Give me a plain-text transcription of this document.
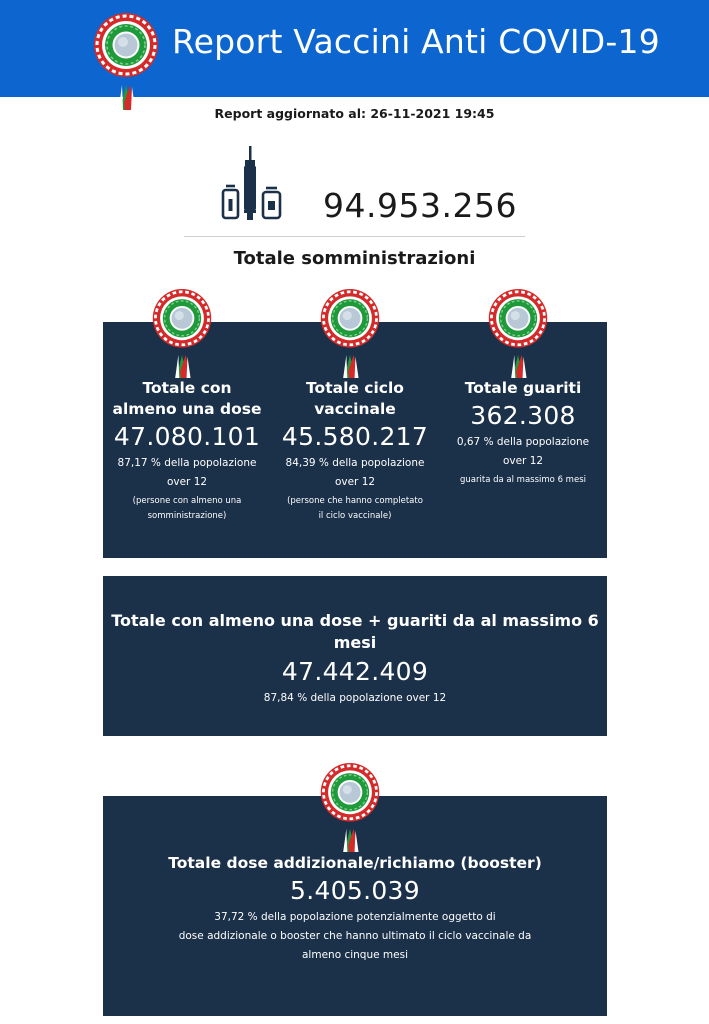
Report Vaccini Anti COVID-19
Report aggiornato al: 26-11-2021 19:45
94.953.256
Totale somministrazioni
Totale con
almeno una dose
47.080.101
87,17 % della popolazione
over 12
(persone con almeno una
somministrazione)
Totale ciclo
vaccinale
45.580.217
84,39 % della popolazione
over 12
(persone che hanno completato
il ciclo vaccinale)
Totale guariti
362.308
0,67 % della popolazione
over 12
guarita da al massimo 6 mesi
Totale con almeno una dose + guariti da al massimo 6 mesi
47.442.409
87,84 % della popolazione over 12
Totale dose addizionale/richiamo (booster)
5.405.039
37,72 % della popolazione potenzialmente oggetto di
dose addizionale o booster che hanno ultimato il ciclo vaccinale da
almeno cinque mesi
